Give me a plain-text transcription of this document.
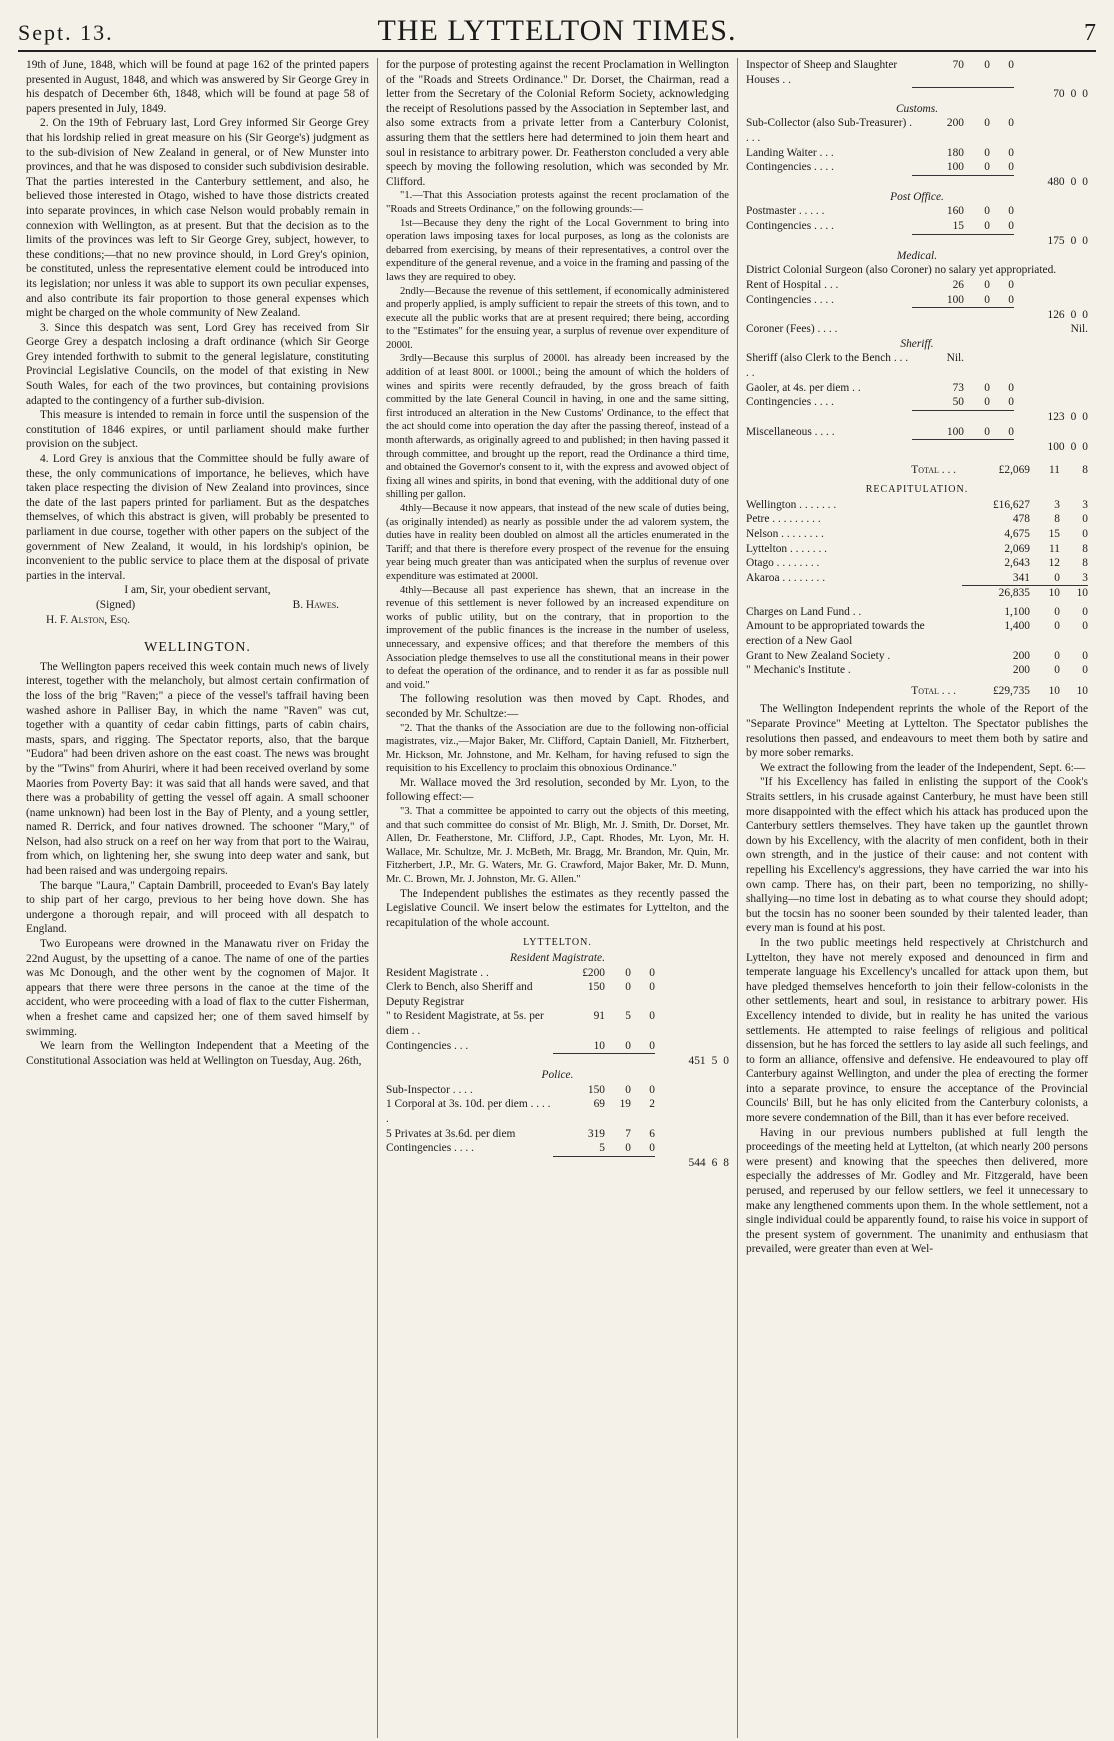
Sept. 13.	THE LYTTELTON TIMES.	7

19th of June, 1848, which will be found at page 162 of the printed papers presented in August, 1848, and which was answered by Sir George Grey in his despatch of December 6th, 1848, which will be found at page 58 of papers presented in July, 1849.

2. On the 19th of February last, Lord Grey informed Sir George Grey that his lordship relied in great measure on his (Sir George's) judgment as to the sub-division of New Zealand in general, or of New Munster into provinces, and that he was disposed to consider such subdivision desirable. That the parties interested in the Canterbury settlement, and also, he believed those interested in Otago, wished to have those districts created into separate provinces, in which case Nelson would probably remain in connexion with Wellington, as at present. But that the decision as to the limits of the provinces was left to Sir George Grey, subject, however, to these conditions;—that no new province should, in Lord Grey's opinion, be constituted, unless the representative element could be introduced into its legislation; nor unless it was able to support its own peculiar expenses, and also contribute its fair proportion to those general expenses which might be charged on the whole community of New Zealand.

3. Since this despatch was sent, Lord Grey has received from Sir George Grey a despatch inclosing a draft ordinance (which Sir George Grey intended forthwith to submit to the general legislature, constituting Provincial Legislative Councils, on the model of that existing in New South Wales, for each of the two provinces, but containing provisions adapted to the contingency of a further sub-division.

This measure is intended to remain in force until the suspension of the constitution of 1846 expires, or until parliament should make further provision on the subject.

4. Lord Grey is anxious that the Committee should be fully aware of these, the only communications of importance, he believes, which have taken place respecting the division of New Zealand into provinces, since the date of the last papers printed for parliament. But as the despatches themselves, of which this abstract is given, will probably be presented to parliament in due course, together with other papers on the subject of the government of New Zealand, it would, in his lordship's opinion, be inconvenient to the public service to place them at the disposal of private parties in the interval.

I am, Sir, your obedient servant,

(Signed)	B. Hawes.

H. F. Alston, Esq.

WELLINGTON.

The Wellington papers received this week contain much news of lively interest, together with the melancholy, but almost certain confirmation of the loss of the brig "Raven;" a piece of the vessel's taffrail having been washed ashore in Palliser Bay, in which the name "Raven" was cut, together with a quantity of cedar cabin fittings, parts of cabin chairs, masts, spars, and rigging. The Spectator reports, also, that the barque "Eudora" had been driven ashore on the east coast. The news was brought by the "Twins" from Ahuriri, where it had been received overland by some Maories from Poverty Bay: it was said that all hands were saved, and that there was a probability of getting the vessel off again. A small schooner (name unknown) had been lost in the Bay of Plenty, and a young settler, named R. Derrick, and four natives drowned. The schooner "Mary," of Nelson, had also struck on a reef on her way from that port to the Wairau, from which, on lightening her, she swung into deep water and sank, but had been raised and was undergoing repairs.

The barque "Laura," Captain Dambrill, proceeded to Evan's Bay lately to ship part of her cargo, previous to her being hove down. She has undergone a thorough repair, and will proceed with all despatch to England.

Two Europeans were drowned in the Manawatu river on Friday the 22nd August, by the upsetting of a canoe. The name of one of the parties was Mc Donough, and the other went by the cognomen of Major. It appears that there were three persons in the canoe at the time of the accident, who were proceeding with a load of flax to the cutter Fisherman, when a freshet came and capsized her; one of them saved himself by swimming.

We learn from the Wellington Independent that a Meeting of the Constitutional Association was held at Wellington on Tuesday, Aug. 26th,

for the purpose of protesting against the recent Proclamation in Wellington of the "Roads and Streets Ordinance." Dr. Dorset, the Chairman, read a letter from the Secretary of the Colonial Reform Society, acknowledging the receipt of Resolutions passed by the Association in September last, and also some extracts from a private letter from a Canterbury Colonist, assuring them that the settlers here had determined to join them heart and soul in resistance to arbitrary power. Dr. Featherston concluded a very able speech by moving the following resolution, which was seconded by Mr. Clifford.

"1.—That this Association protests against the recent proclamation of the "Roads and Streets Ordinance," on the following grounds:—

1st—Because they deny the right of the Local Government to bring into operation laws imposing taxes for local purposes, as long as the colonists are debarred from exercising, by means of their representatives, a control over the expenditure of the general revenue, and a voice in the framing and passing of the laws they are required to obey.

2ndly—Because the revenue of this settlement, if economically administered and properly applied, is amply sufficient to repair the streets of this town, and to execute all the public works that are at present required; there being, according to the "Estimates" for the ensuing year, a surplus of revenue over expenditure of 2000l.

3rdly—Because this surplus of 2000l. has already been increased by the addition of at least 800l. or 1000l.; being the amount of which the holders of wines and spirits were recently defrauded, by the gross breach of faith committed by the late General Council in having, in one and the same sitting, first introduced an alteration in the New Customs' Ordinance, to the effect that the act should come into operation the day after the passing thereof, instead of a month afterwards, as originally agreed to and published; in then having passed it through committee, and brought up the report, read the Ordinance a third time, and obtained the Governor's consent to it, with the express and avowed object of fixing all wines and spirits, in bond that evening, with the additional duty of one shilling per gallon.

4thly—Because it now appears, that instead of the new scale of duties being, (as originally intended) as nearly as possible under the ad valorem system, the duties have in reality been doubled on almost all the articles enumerated in the Tariff; and that there is therefore every prospect of the revenue for the ensuing year being much greater than was anticipated when the surplus of revenue over expenditure was estimated at 2000l.

4thly—Because all past experience has shewn, that an increase in the revenue of this settlement is never followed by an increased expenditure on works of public utility, but on the contrary, that in proportion to the improvement of the public finances is the increase in the number of useless, unnecessary, and expensive offices; and that therefore the members of this Association pledge themselves to use all the constitutional means in their power to defeat the operation of the ordinance, and to render it as far as possible null and void."

The following resolution was then moved by Capt. Rhodes, and seconded by Mr. Schultze:—

"2. That the thanks of the Association are due to the following non-official magistrates, viz.,—Major Baker, Mr. Clifford, Captain Daniell, Mr. Fitzherbert, Mr. Hickson, Mr. Johnstone, and Mr. Kelham, for having refused to sign the requisition to his Excellency to proclaim this obnoxious Ordinance."

Mr. Wallace moved the 3rd resolution, seconded by Mr. Lyon, to the following effect:—

"3. That a committee be appointed to carry out the objects of this meeting, and that such committee do consist of Mr. Bligh, Mr. J. Smith, Dr. Dorset, Mr. Allen, Dr. Featherstone, Mr. Clifford, J.P., Capt. Rhodes, Mr. Lyon, Mr. H. Wallace, Mr. Schultze, Mr. J. McBeth, Mr. Bragg, Mr. Brandon, Mr. Quin, Mr. Fitzherbert, J.P., Mr. G. Waters, Mr. G. Crawford, Major Baker, Mr. D. Munn, Mr. C. Brown, Mr. J. Johnston, Mr. G. Allen."

The Independent publishes the estimates as they recently passed the Legislative Council. We insert below the estimates for Lyttelton, and the recapitulation of the whole account.

LYTTELTON.
Resident Magistrate.
Resident Magistrate . .	£200	0	0	
Clerk to Bench, also Sheriff and Deputy Registrar	150	0	0	
" to Resident Magistrate, at 5s. per diem . .	91	5	0	
Contingencies . . .	10	0	0	
				451 5 0
Police.
Sub-Inspector . . . .	150	0	0	
1 Corporal at 3s. 10d. per diem . . . . .	69	19	2	
5 Privates at 3s.6d. per diem	319	7	6	
Contingencies . . . .	5	0	0	
				544 6 8
Inspector of Sheep and Slaughter Houses . .	70	0	0	
				70 0 0
Customs.
Sub-Collector (also Sub-Treasurer) . . . .	200	0	0	
Landing Waiter . . .	180	0	0	
Contingencies . . . .	100	0	0	
				480 0 0
Post Office.
Postmaster . . . . .	160	0	0	
Contingencies . . . .	15	0	0	
				175 0 0
Medical.

District Colonial Surgeon (also Coroner) no salary yet appropriated.

Rent of Hospital . . .	26	0	0	
Contingencies . . . .	100	0	0	
				126 0 0
Coroner (Fees) . . . .	Nil.
Sheriff.
Sheriff (also Clerk to the Bench . . . . .	Nil.			
Gaoler, at 4s. per diem . .	73	0	0	
Contingencies . . . .	50	0	0	
				123 0 0
Miscellaneous . . . .	100	0	0	
				100 0 0
Total . . .	£2,069	11	8
RECAPITULATION.
Wellington . . . . . . .	£16,627	3	3
Petre . . . . . . . . .	478	8	0
Nelson . . . . . . . .	4,675	15	0
Lyttelton . . . . . . .	2,069	11	8
Otago . . . . . . . .	2,643	12	8
Akaroa . . . . . . . .	341	0	3
	26,835	10	10
Charges on Land Fund . .	1,100	0	0
Amount to be appropriated towards the erection of a New Gaol	1,400	0	0
Grant to New Zealand Society .	200	0	0
" Mechanic's Institute .	200	0	0
Total . . .	£29,735	10	10

The Wellington Independent reprints the whole of the Report of the "Separate Province" Meeting at Lyttelton. The Spectator publishes the resolutions then passed, and endeavours to meet them both by satire and by more sober remarks.

We extract the following from the leader of the Independent, Sept. 6:—

"If his Excellency has failed in enlisting the support of the Cook's Straits settlers, in his crusade against Canterbury, he must have been still more disappointed with the effect which his attack has produced upon the Canterbury settlers themselves. They have taken up the gauntlet thrown down by his Excellency, with the alacrity of men confident, both in their own strength, and in the justice of their cause: and not content with repelling his Excellency's aggressions, they have carried the war into his own camp. There has, on their part, been no temporizing, no shilly-shallying—no time lost in debating as to what course they should adopt; but the tocsin has no sooner been sounded by their talented leader, than every man is found at his post.

In the two public meetings held respectively at Christchurch and Lyttelton, they have not merely exposed and denounced in firm and temperate language his Excellency's uncalled for attack upon them, but have pledged themselves henceforth to join their fellow-colonists in the other settlements, heart and soul, in resistance to arbitrary power. His Excellency intended to divide, but in reality he has united the various settlements. He attempted to raise feelings of religious and political dissension, but he has forced the settlers to lay aside all such feelings, and to form an alliance, offensive and defensive. He endeavoured to play off Canterbury against Wellington, and under the plea of erecting the former into a separate province, to ensure the acceptance of the Provincial Councils' Bill, but he has only elicited from the Canterbury colonists, a more severe condemnation of the Bill, than it has ever before received.

Having in our previous numbers published at full length the proceedings of the meeting held at Lyttelton, (at which nearly 200 persons were present) and knowing that the speeches then delivered, more especially the addresses of Mr. Godley and Mr. Fitzgerald, have been perused, and reperused by our fellow settlers, we feel it unnecessary to make any lengthened comments upon them. In the whole settlement, not a single individual could be apparently found, to raise his voice in support of the present system of government. The unanimity and enthusiasm that prevailed, were greater than even at Wel-
